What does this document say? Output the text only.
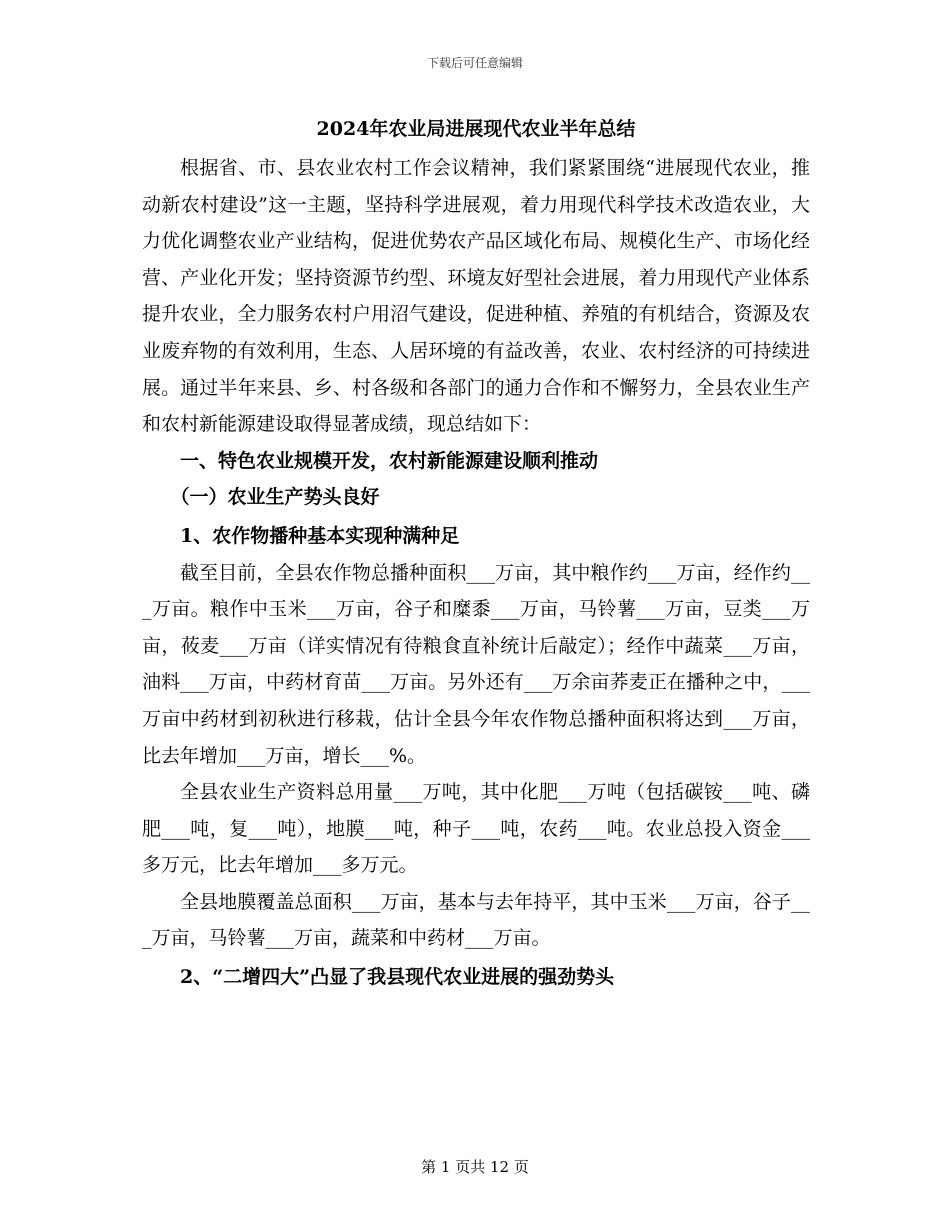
下载后可任意编辑
2024年农业局进展现代农业半年总结

根据省、市、县农业农村工作会议精神，我们紧紧围绕“进展现代农业，推动新农村建设”这一主题，坚持科学进展观，着力用现代科学技术改造农业，大力优化调整农业产业结构，促进优势农产品区域化布局、规模化生产、市场化经营、产业化开发；坚持资源节约型、环境友好型社会进展，着力用现代产业体系提升农业，全力服务农村户用沼气建设，促进种植、养殖的有机结合，资源及农业废弃物的有效利用，生态、人居环境的有益改善，农业、农村经济的可持续进展。通过半年来县、乡、村各级和各部门的通力合作和不懈努力，全县农业生产和农村新能源建设取得显著成绩，现总结如下：

一、特色农业规模开发，农村新能源建设顺利推动
（一）农业生产势头良好
1、农作物播种基本实现种满种足

截至目前，全县农作物总播种面积___万亩，其中粮作约___万亩，经作约___万亩。粮作中玉米___万亩，谷子和糜黍___万亩，马铃薯___万亩，豆类___万亩，莜麦___万亩（详实情况有待粮食直补统计后敲定）；经作中蔬菜___万亩，油料___万亩，中药材育苗___万亩。另外还有___万余亩荞麦正在播种之中，___万亩中药材到初秋进行移栽，估计全县今年农作物总播种面积将达到___万亩，比去年增加___万亩，增长___%。

全县农业生产资料总用量___万吨，其中化肥___万吨（包括碳铵___吨、磷肥___吨，复___吨），地膜___吨，种子___吨，农药___吨。农业总投入资金___多万元，比去年增加___多万元。

全县地膜覆盖总面积___万亩，基本与去年持平，其中玉米___万亩，谷子___万亩，马铃薯___万亩，蔬菜和中药材___万亩。

2、“二增四大”凸显了我县现代农业进展的强劲势头
第 1 页共 12 页
